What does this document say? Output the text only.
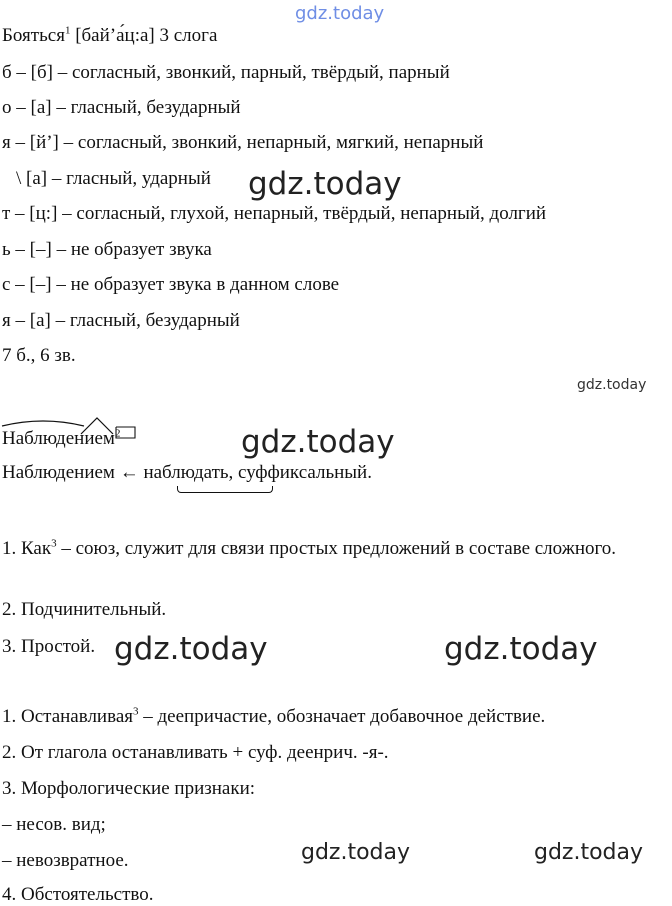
gdz.today
Бояться$^1$ [бай’а́ц:а] 3 слога
б – [б] – согласный, звонкий, парный, твёрдый, парный
о – [а] – гласный, безударный
я – [й’] – согласный, звонкий, непарный, мягкий, непарный
\ [а] – гласный, ударный
т – [ц:] – согласный, глухой, непарный, твёрдый, непарный, долгий
ь – [–] – не образует звука
с – [–] – не образует звука в данном слове
я – [а] – гласный, безударный
7 б., 6 зв.
gdz.today
gdz.today
Наблюдением
$^2$
Наблюдением ← наблюдать, суффиксальный.
gdz.today
1. Как$^3$ – союз, служит для связи простых предложений в составе сложного.
2. Подчинительный.
3. Простой. gdz.today	gdz.today
1. Останавливая$^3$ – деепричастие, обозначает добавочное действие.
2. От глагола останавливать + суф. деенрич. -я-.
3. Морфологические признаки:
– несов. вид;
– невозвратное.
4. Обстоятельство.
gdz.today	gdz.today
